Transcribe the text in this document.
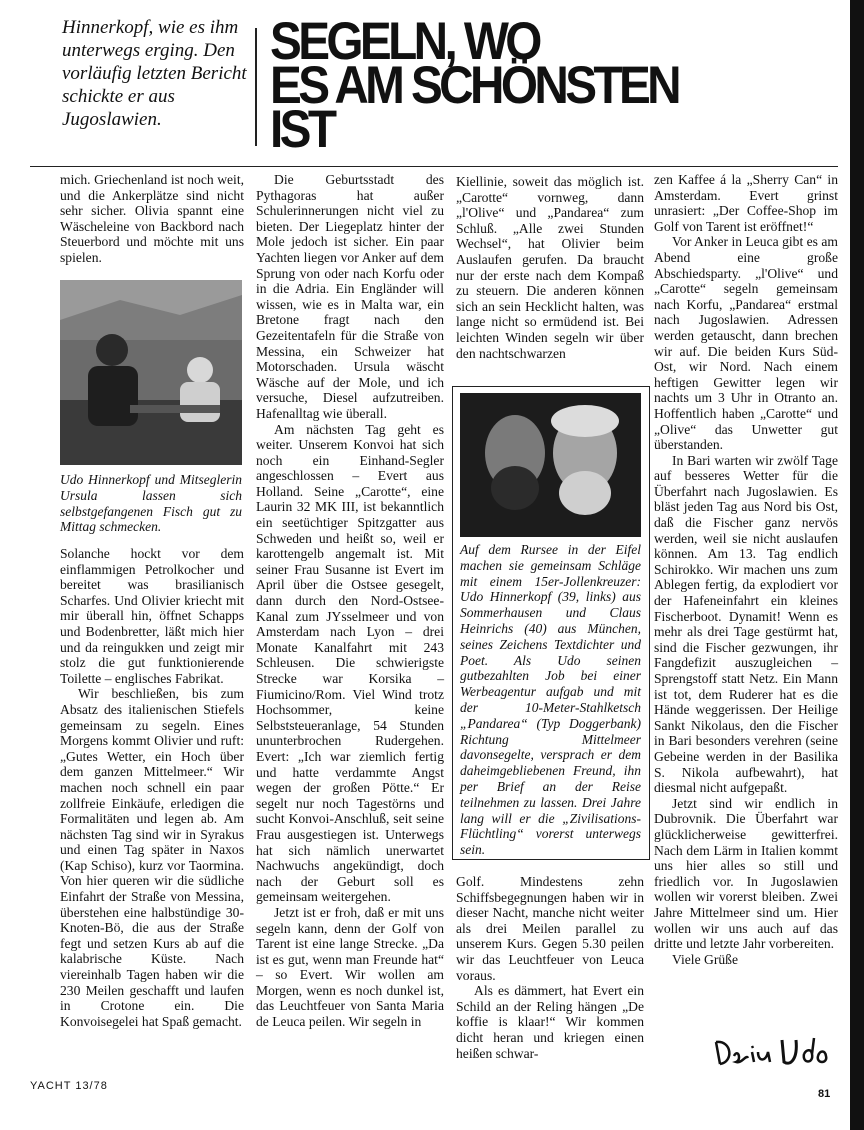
Hinnerkopf, wie es ihm unterwegs erging. Den vorläufig letzten Bericht schickte er aus Jugoslawien.
SEGELN, WO
ES AM SCHÖNSTEN
IST

mich. Griechenland ist noch weit, und die Ankerplätze sind nicht sehr sicher. Olivia spannt eine Wäscheleine von Backbord nach Steuerbord und möchte mit uns spielen.

Udo Hinnerkopf und Mitseglerin Ursula lassen sich selbstgefangenen Fisch gut zu Mittag schmecken.

Solanche hockt vor dem einflammigen Petrolkocher und bereitet was brasilianisch Scharfes. Und Olivier kriecht mit mir überall hin, öffnet Schapps und Bodenbretter, läßt mich hier und da reingukken und zeigt mir stolz die gut funktionierende Toilette – englisches Fabrikat.

Wir beschließen, bis zum Absatz des italienischen Stiefels gemeinsam zu segeln. Eines Morgens kommt Olivier und ruft: „Gutes Wetter, ein Hoch über dem ganzen Mittelmeer.“ Wir machen noch schnell ein paar zollfreie Einkäufe, erledigen die Formalitäten und legen ab. Am nächsten Tag sind wir in Syrakus und einen Tag später in Naxos (Kap Schiso), kurz vor Taormina. Von hier queren wir die südliche Einfahrt der Straße von Messina, überstehen eine halbstündige 30-Knoten-Bö, die aus der Straße fegt und setzen Kurs ab auf die kalabrische Küste. Nach viereinhalb Tagen haben wir die 230 Meilen geschafft und laufen in Crotone ein. Die Konvoisegelei hat Spaß gemacht.

Die Geburtsstadt des Pythagoras hat außer Schulerinnerungen nicht viel zu bieten. Der Liegeplatz hinter der Mole jedoch ist sicher. Ein paar Yachten liegen vor Anker auf dem Sprung von oder nach Korfu oder in die Adria. Ein Engländer will wissen, wie es in Malta war, ein Bretone fragt nach den Gezeitentafeln für die Straße von Messina, ein Schweizer hat Motorschaden. Ursula wäscht Wäsche auf der Mole, und ich versuche, Diesel aufzutreiben. Hafenalltag wie überall.

Am nächsten Tag geht es weiter. Unserem Konvoi hat sich noch ein Einhand-Segler angeschlossen – Evert aus Holland. Seine „Carotte“, eine Laurin 32 MK III, ist bekanntlich ein seetüchtiger Spitzgatter aus Schweden und heißt so, weil er karottengelb angemalt ist. Mit seiner Frau Susanne ist Evert im April über die Ostsee gesegelt, dann durch den Nord-Ostsee-Kanal zum JYsselmeer und von Amsterdam nach Lyon – drei Monate Kanalfahrt mit 243 Schleusen. Die schwierigste Strecke war Korsika – Fiumicino/Rom. Viel Wind trotz Hochsommer, keine Selbststeueranlage, 54 Stunden ununterbrochen Rudergehen. Evert: „Ich war ziemlich fertig und hatte verdammte Angst wegen der großen Pötte.“ Er segelt nur noch Tagestörns und sucht Konvoi-Anschluß, seit seine Frau ausgestiegen ist. Unterwegs hat sich nämlich unerwartet Nachwuchs angekündigt, doch nach der Geburt soll es gemeinsam weitergehen.

Jetzt ist er froh, daß er mit uns segeln kann, denn der Golf von Tarent ist eine lange Strecke. „Da ist es gut, wenn man Freunde hat“ – so Evert. Wir wollen am Morgen, wenn es noch dunkel ist, das Leuchtfeuer von Santa Maria de Leuca peilen. Wir segeln in

Kiellinie, soweit das möglich ist. „Carotte“ vornweg, dann „l'Olive“ und „Pandarea“ zum Schluß. „Alle zwei Stunden Wechsel“, hat Olivier beim Auslaufen gerufen. Da braucht nur der erste nach dem Kompaß zu steuern. Die anderen können sich an sein Hecklicht halten, was lange nicht so ermüdend ist. Bei leichten Winden segeln wir über den nachtschwarzen

Auf dem Rursee in der Eifel machen sie gemeinsam Schläge mit einem 15er-Jollenkreuzer: Udo Hinnerkopf (39, links) aus Sommerhausen und Claus Heinrichs (40) aus München, seines Zeichens Textdichter und Poet. Als Udo seinen gutbezahlten Job bei einer Werbeagentur aufgab und mit der 10-Meter-Stahlketsch „Pandarea“ (Typ Doggerbank) Richtung Mittelmeer davonsegelte, versprach er dem daheimgebliebenen Freund, ihn per Brief an der Reise teilnehmen zu lassen. Drei Jahre lang will er die „Zivilisations-Flüchtling“ vorerst unterwegs sein.

Golf. Mindestens zehn Schiffsbegegnungen haben wir in dieser Nacht, manche nicht weiter als drei Meilen parallel zu unserem Kurs. Gegen 5.30 peilen wir das Leuchtfeuer von Leuca voraus.

Als es dämmert, hat Evert ein Schild an der Reling hängen „De koffie is klaar!“ Wir kommen dicht heran und kriegen einen heißen schwar-

zen Kaffee á la „Sherry Can“ in Amsterdam. Evert grinst unrasiert: „Der Coffee-Shop im Golf von Tarent ist eröffnet!“

Vor Anker in Leuca gibt es am Abend eine große Abschiedsparty. „l'Olive“ und „Carotte“ segeln gemeinsam nach Korfu, „Pandarea“ erstmal nach Jugoslawien. Adressen werden getauscht, dann brechen wir auf. Die beiden Kurs Süd-Ost, wir Nord. Nach einem heftigen Gewitter legen wir nachts um 3 Uhr in Otranto an. Hoffentlich haben „Carotte“ und „Olive“ das Unwetter gut überstanden.

In Bari warten wir zwölf Tage auf besseres Wetter für die Überfahrt nach Jugoslawien. Es bläst jeden Tag aus Nord bis Ost, daß die Fischer ganz nervös werden, weil sie nicht auslaufen können. Am 13. Tag endlich Schirokko. Wir machen uns zum Ablegen fertig, da explodiert vor der Hafeneinfahrt ein kleines Fischerboot. Dynamit! Wenn es mehr als drei Tage gestürmt hat, sind die Fischer gezwungen, ihr Fangdefizit auszugleichen – Sprengstoff statt Netz. Ein Mann ist tot, dem Ruderer hat es die Hände weggerissen. Der Heilige Sankt Nikolaus, den die Fischer in Bari besonders verehren (seine Gebeine werden in der Basilika S. Nikola aufbewahrt), hat diesmal nicht aufgepaßt.

Jetzt sind wir endlich in Dubrovnik. Die Überfahrt war glücklicherweise gewitterfrei. Nach dem Lärm in Italien kommt uns hier alles so still und friedlich vor. In Jugoslawien wollen wir vorerst bleiben. Zwei Jahre Mittelmeer sind um. Hier wollen wir uns auch auf das dritte und letzte Jahr vorbereiten.

Viele Grüße

YACHT 13/78
81
